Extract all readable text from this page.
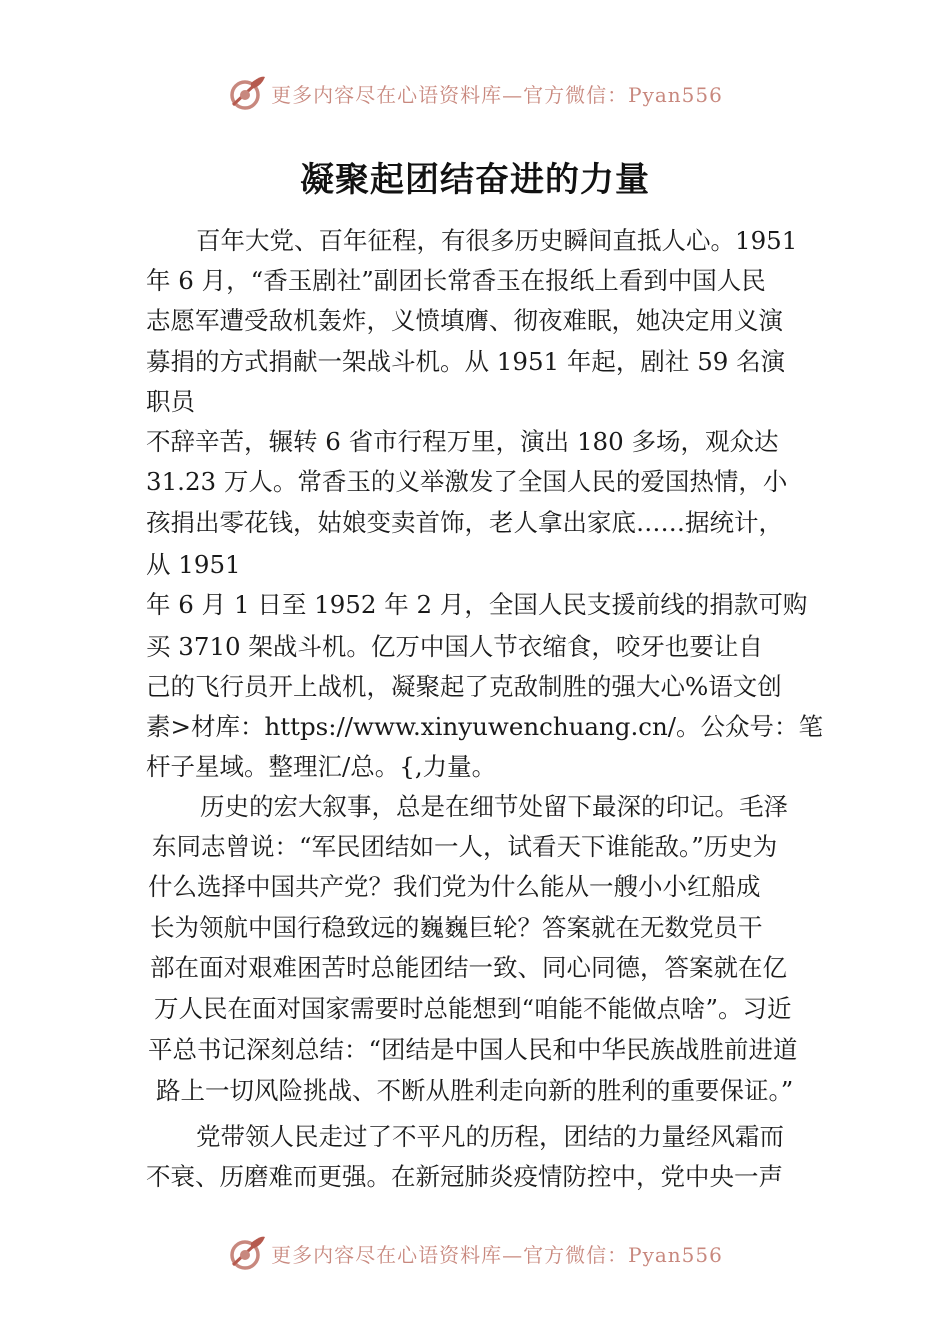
更多内容尽在心语资料库—官方微信：Pyan556
凝聚起团结奋进的力量
百年大党、百年征程，有很多历史瞬间直抵人心。1951
年 6 月，“香玉剧社”副团长常香玉在报纸上看到中国人民
志愿军遭受敌机轰炸，义愤填膺、彻夜难眠，她决定用义演
募捐的方式捐献一架战斗机。从 1951 年起，剧社 59 名演
职员
不辞辛苦，辗转 6 省市行程万里，演出 180 多场，观众达
31.23 万人。常香玉的义举激发了全国人民的爱国热情，小
孩捐出零花钱，姑娘变卖首饰，老人拿出家底……据统计，
从 1951
年 6 月 1 日至 1952 年 2 月，全国人民支援前线的捐款可购
买 3710 架战斗机。亿万中国人节衣缩食，咬牙也要让自
己的飞行员开上战机，凝聚起了克敌制胜的强大心%语文创
素>材库：https://www.xinyuwenchuang.cn/。公众号：笔
杆子星域。整理汇/总。{,力量。
历史的宏大叙事，总是在细节处留下最深的印记。毛泽
东同志曾说：“军民团结如一人，试看天下谁能敌。”历史为
什么选择中国共产党？我们党为什么能从一艘小小红船成
长为领航中国行稳致远的巍巍巨轮？答案就在无数党员干
部在面对艰难困苦时总能团结一致、同心同德，答案就在亿
万人民在面对国家需要时总能想到“咱能不能做点啥”。习近
平总书记深刻总结：“团结是中国人民和中华民族战胜前进道
路上一切风险挑战、不断从胜利走向新的胜利的重要保证。”
党带领人民走过了不平凡的历程，团结的力量经风霜而
不衰、历磨难而更强。在新冠肺炎疫情防控中，党中央一声
更多内容尽在心语资料库—官方微信：Pyan556
